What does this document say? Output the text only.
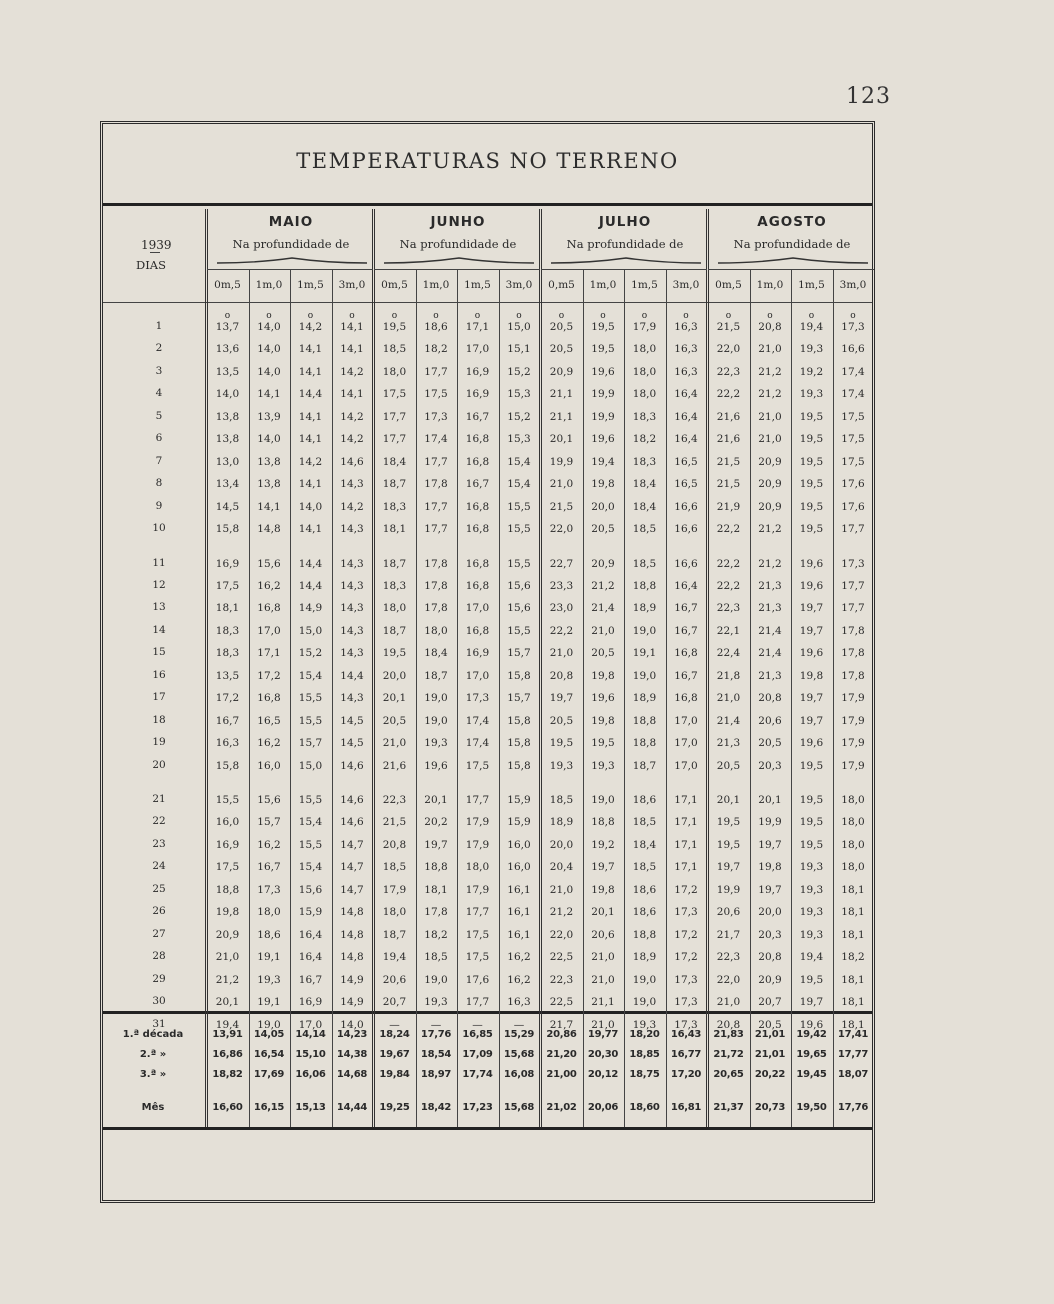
123
TEMPERATURAS NO TERRENO
1939
DIAS
MAIO
Na profundidade de
0m,5	1m,0	1m,5	3m,0
JUNHO
Na profundidade de
0m,5	1m,0	1m,5	3m,0
JULHO
Na profundidade de
0,m5	1m,0	1m,5	3m,0
AGOSTO
Na profundidade de
0m,5	1m,0	1m,5	3m,0
o	o	o	o	o	o	o	o	o	o	o	o	o	o	o	o
1	13,7	14,0	14,2	14,1	19,5	18,6	17,1	15,0	20,5	19,5	17,9	16,3	21,5	20,8	19,4	17,3
2	13,6	14,0	14,1	14,1	18,5	18,2	17,0	15,1	20,5	19,5	18,0	16,3	22,0	21,0	19,3	16,6
3	13,5	14,0	14,1	14,2	18,0	17,7	16,9	15,2	20,9	19,6	18,0	16,3	22,3	21,2	19,2	17,4
4	14,0	14,1	14,4	14,1	17,5	17,5	16,9	15,3	21,1	19,9	18,0	16,4	22,2	21,2	19,3	17,4
5	13,8	13,9	14,1	14,2	17,7	17,3	16,7	15,2	21,1	19,9	18,3	16,4	21,6	21,0	19,5	17,5
6	13,8	14,0	14,1	14,2	17,7	17,4	16,8	15,3	20,1	19,6	18,2	16,4	21,6	21,0	19,5	17,5
7	13,0	13,8	14,2	14,6	18,4	17,7	16,8	15,4	19,9	19,4	18,3	16,5	21,5	20,9	19,5	17,5
8	13,4	13,8	14,1	14,3	18,7	17,8	16,7	15,4	21,0	19,8	18,4	16,5	21,5	20,9	19,5	17,6
9	14,5	14,1	14,0	14,2	18,3	17,7	16,8	15,5	21,5	20,0	18,4	16,6	21,9	20,9	19,5	17,6
10	15,8	14,8	14,1	14,3	18,1	17,7	16,8	15,5	22,0	20,5	18,5	16,6	22,2	21,2	19,5	17,7
11	16,9	15,6	14,4	14,3	18,7	17,8	16,8	15,5	22,7	20,9	18,5	16,6	22,2	21,2	19,6	17,3
12	17,5	16,2	14,4	14,3	18,3	17,8	16,8	15,6	23,3	21,2	18,8	16,4	22,2	21,3	19,6	17,7
13	18,1	16,8	14,9	14,3	18,0	17,8	17,0	15,6	23,0	21,4	18,9	16,7	22,3	21,3	19,7	17,7
14	18,3	17,0	15,0	14,3	18,7	18,0	16,8	15,5	22,2	21,0	19,0	16,7	22,1	21,4	19,7	17,8
15	18,3	17,1	15,2	14,3	19,5	18,4	16,9	15,7	21,0	20,5	19,1	16,8	22,4	21,4	19,6	17,8
16	13,5	17,2	15,4	14,4	20,0	18,7	17,0	15,8	20,8	19,8	19,0	16,7	21,8	21,3	19,8	17,8
17	17,2	16,8	15,5	14,3	20,1	19,0	17,3	15,7	19,7	19,6	18,9	16,8	21,0	20,8	19,7	17,9
18	16,7	16,5	15,5	14,5	20,5	19,0	17,4	15,8	20,5	19,8	18,8	17,0	21,4	20,6	19,7	17,9
19	16,3	16,2	15,7	14,5	21,0	19,3	17,4	15,8	19,5	19,5	18,8	17,0	21,3	20,5	19,6	17,9
20	15,8	16,0	15,0	14,6	21,6	19,6	17,5	15,8	19,3	19,3	18,7	17,0	20,5	20,3	19,5	17,9
21	15,5	15,6	15,5	14,6	22,3	20,1	17,7	15,9	18,5	19,0	18,6	17,1	20,1	20,1	19,5	18,0
22	16,0	15,7	15,4	14,6	21,5	20,2	17,9	15,9	18,9	18,8	18,5	17,1	19,5	19,9	19,5	18,0
23	16,9	16,2	15,5	14,7	20,8	19,7	17,9	16,0	20,0	19,2	18,4	17,1	19,5	19,7	19,5	18,0
24	17,5	16,7	15,4	14,7	18,5	18,8	18,0	16,0	20,4	19,7	18,5	17,1	19,7	19,8	19,3	18,0
25	18,8	17,3	15,6	14,7	17,9	18,1	17,9	16,1	21,0	19,8	18,6	17,2	19,9	19,7	19,3	18,1
26	19,8	18,0	15,9	14,8	18,0	17,8	17,7	16,1	21,2	20,1	18,6	17,3	20,6	20,0	19,3	18,1
27	20,9	18,6	16,4	14,8	18,7	18,2	17,5	16,1	22,0	20,6	18,8	17,2	21,7	20,3	19,3	18,1
28	21,0	19,1	16,4	14,8	19,4	18,5	17,5	16,2	22,5	21,0	18,9	17,2	22,3	20,8	19,4	18,2
29	21,2	19,3	16,7	14,9	20,6	19,0	17,6	16,2	22,3	21,0	19,0	17,3	22,0	20,9	19,5	18,1
30	20,1	19,1	16,9	14,9	20,7	19,3	17,7	16,3	22,5	21,1	19,0	17,3	21,0	20,7	19,7	18,1
31	19,4	19,0	17,0	14,0	—	—	—	—	21,7	21,0	19,3	17,3	20,8	20,5	19,6	18,1
1.ª década	13,91	14,05	14,14	14,23	18,24	17,76	16,85	15,29	20,86	19,77	18,20	16,43	21,83	21,01	19,42	17,41
2.ª »	16,86	16,54	15,10	14,38	19,67	18,54	17,09	15,68	21,20	20,30	18,85	16,77	21,72	21,01	19,65	17,77
3.ª »	18,82	17,69	16,06	14,68	19,84	18,97	17,74	16,08	21,00	20,12	18,75	17,20	20,65	20,22	19,45	18,07
Mês	16,60	16,15	15,13	14,44	19,25	18,42	17,23	15,68	21,02	20,06	18,60	16,81	21,37	20,73	19,50	17,76
